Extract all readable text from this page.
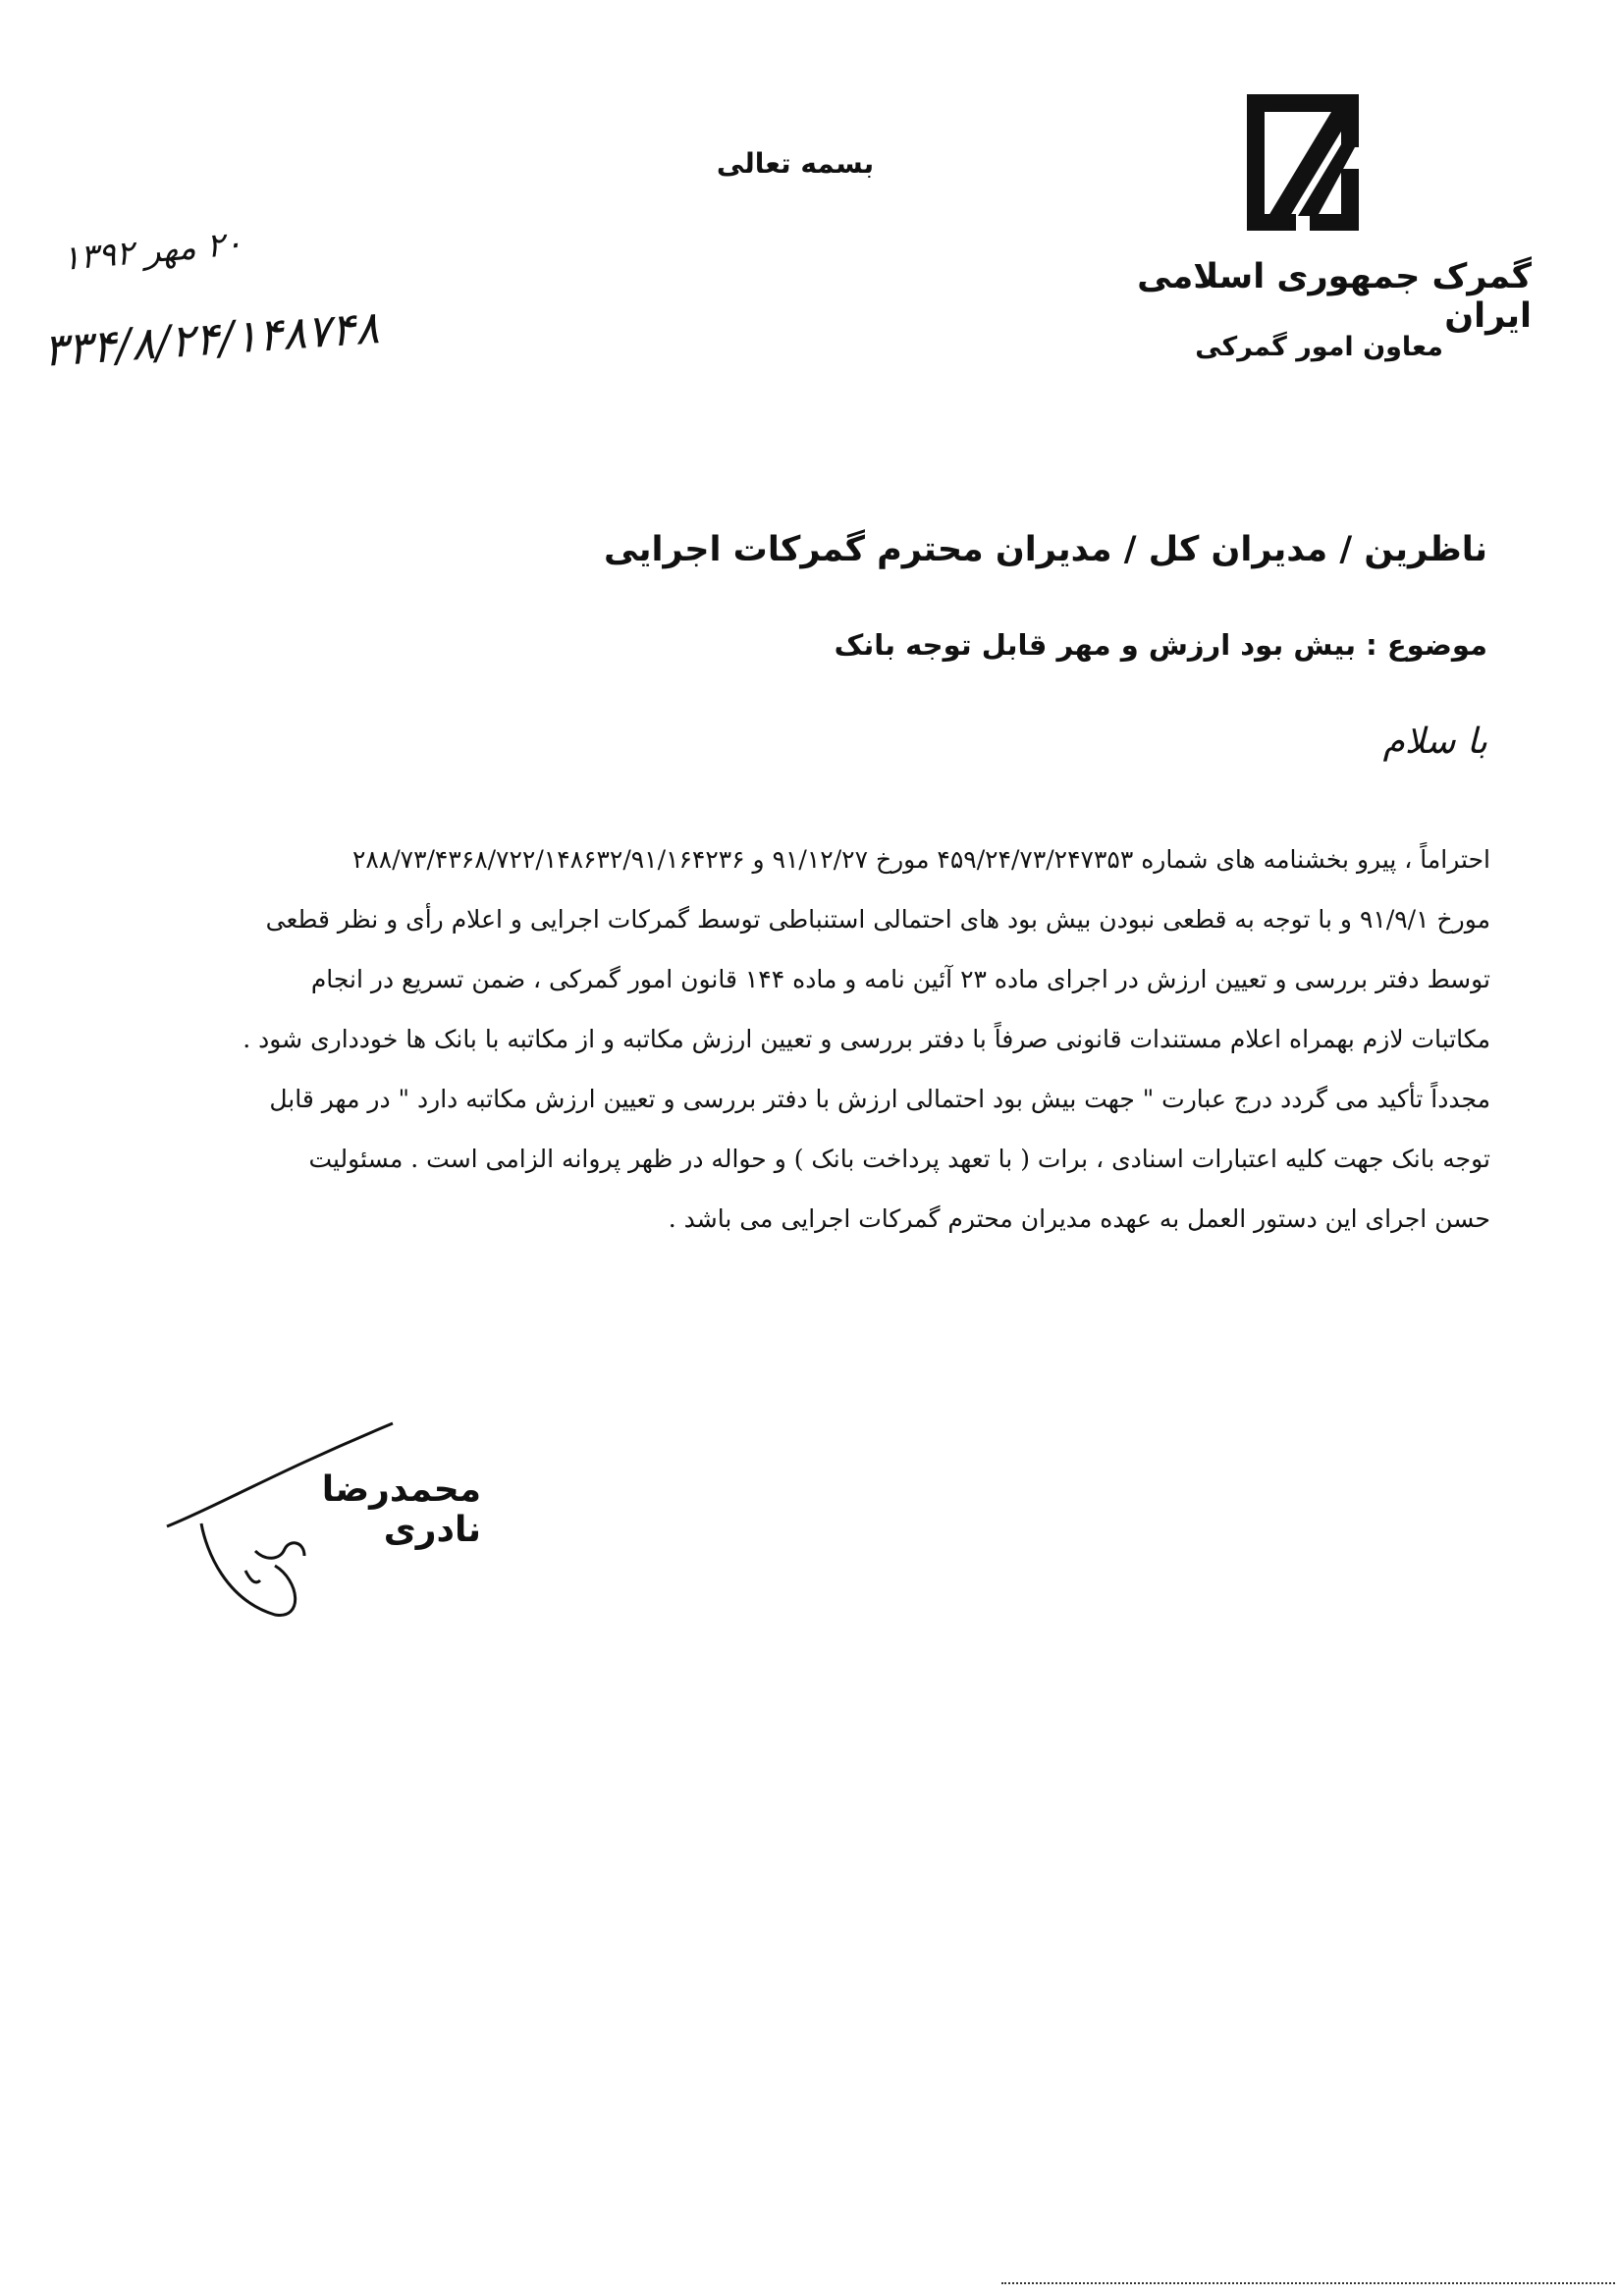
گمرک جمهوری اسلامی ایران
معاون امور گمرکی
بسمه تعالی
۲۰ مهر ۱۳۹۲
۳۳۴/۸/۲۴/۱۴۸۷۴۸
ناظرین / مدیران کل / مدیران محترم گمرکات اجرایی
موضوع : بیش بود ارزش و مهر قابل توجه بانک
با سلام

احتراماً ، پیرو بخشنامه های شماره ۴۵۹/۲۴/۷۳/۲۴۷۳۵۳ مورخ ۹۱/۱۲/۲۷ و ۲۸۸/۷۳/۴۳۶۸/۷۲۲/۱۴۸۶۳۲/۹۱/۱۶۴۲۳۶

مورخ ۹۱/۹/۱ و با توجه به قطعی نبودن بیش بود های احتمالی استنباطی توسط گمرکات اجرایی و اعلام رأی و نظر قطعی

توسط دفتر بررسی و تعیین ارزش در اجرای ماده ۲۳ آئین نامه و ماده ۱۴۴ قانون امور گمرکی ، ضمن تسریع در انجام

مکاتبات لازم بهمراه اعلام مستندات قانونی صرفاً با دفتر بررسی و تعیین ارزش مکاتبه و از مکاتبه با بانک ها خودداری شود .

مجدداً تأکید می گردد درج عبارت " جهت بیش بود احتمالی ارزش با دفتر بررسی و تعیین ارزش مکاتبه دارد " در مهر قابل

توجه بانک جهت کلیه اعتبارات اسنادی ، برات ( با تعهد پرداخت بانک ) و حواله در ظهر پروانه الزامی است . مسئولیت

حسن اجرای این دستور العمل به عهده مدیران محترم گمرکات اجرایی می باشد .

محمدرضا نادری
